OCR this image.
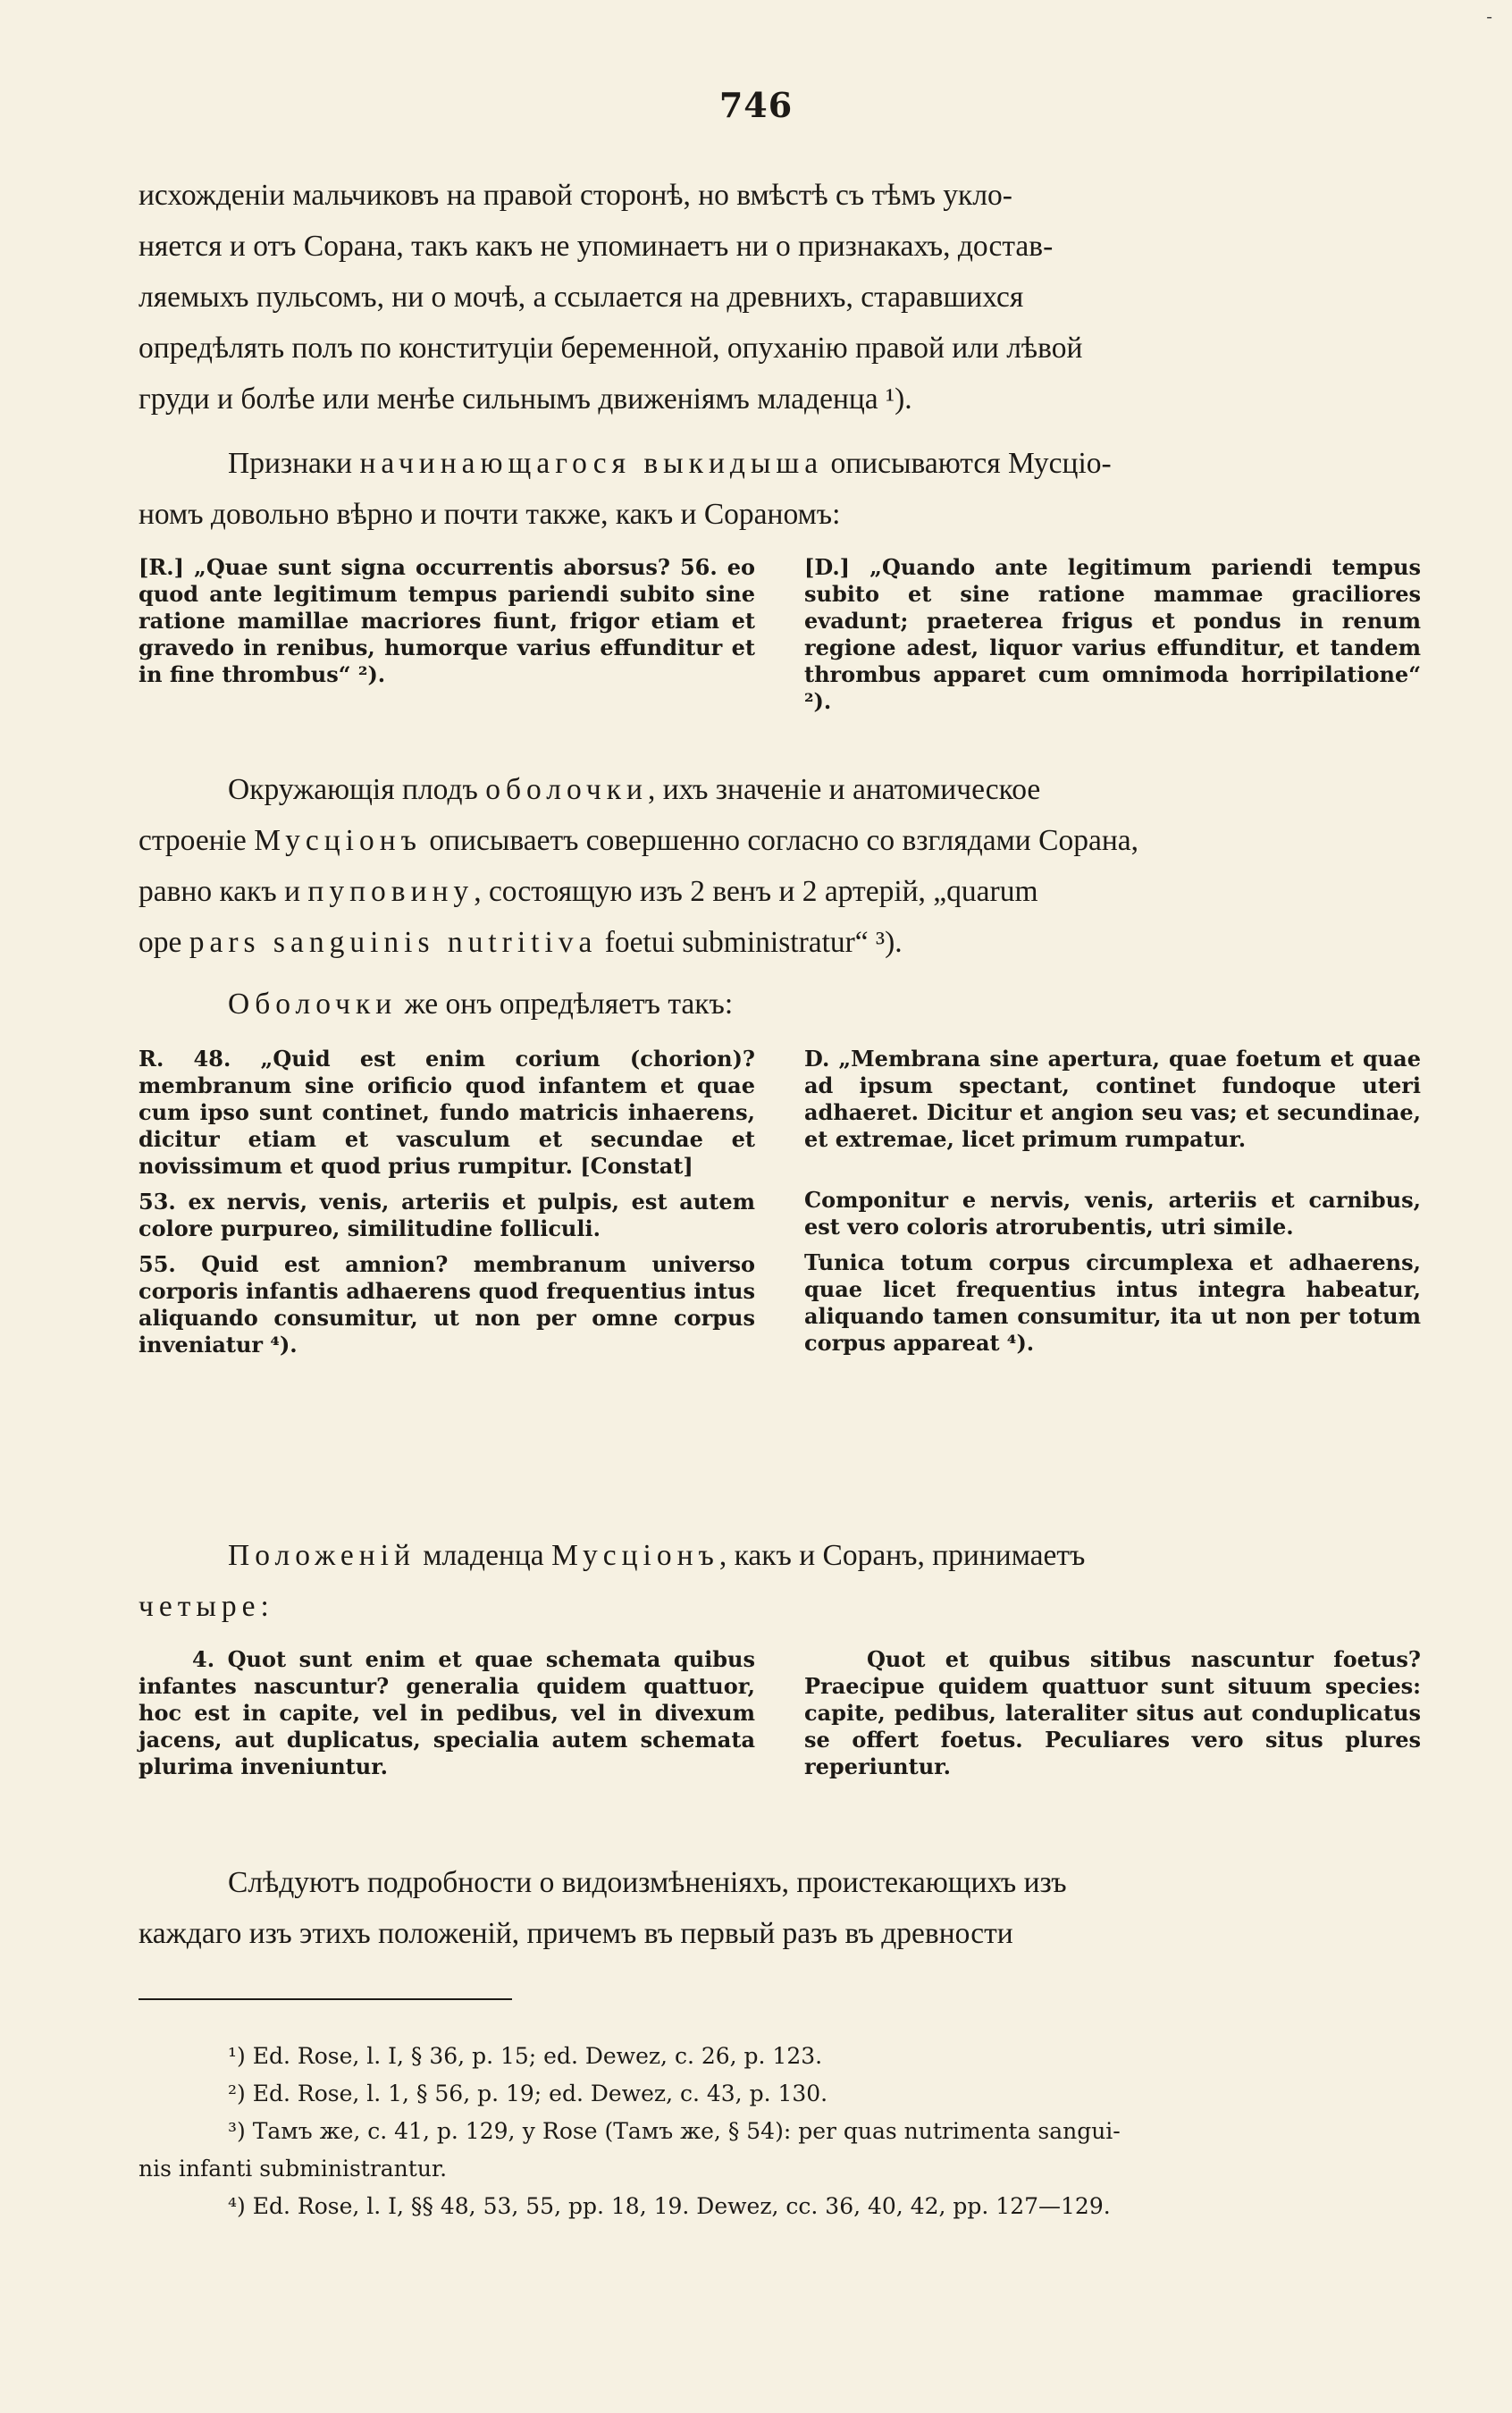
-
746

исхожденіи мальчиковъ на правой сторонѣ, но вмѣстѣ съ тѣмъ укло-

няется и отъ Сорана, такъ какъ не упоминаетъ ни о признакахъ, достав-

ляемыхъ пульсомъ, ни о мочѣ, а ссылается на древнихъ, старавшихся

опредѣлять полъ по конституціи беременной, опуханію правой или лѣвой

груди и болѣе или менѣе сильнымъ движеніямъ младенца ¹).

Признаки начинающагося выкидыша описываются Мусціо-

номъ довольно вѣрно и почти также, какъ и Сораномъ:

[R.] „Quae sunt signa occurrentis aborsus? 56. eo quod ante legitimum tempus pariendi subito sine ratione mamillae macriores fiunt, frigor etiam et gravedo in renibus, humorque varius effunditur et in fine thrombus“ ²).

[D.] „Quando ante legitimum pariendi tempus subito et sine ratione mammae graciliores evadunt; praeterea frigus et pondus in renum regione adest, liquor varius effunditur, et tandem thrombus apparet cum omnimoda horripilatione“ ²).

Окружающія плодъ оболочки, ихъ значеніе и анатомическое

строеніе Мусціонъ описываетъ совершенно согласно со взглядами Сорана,

равно какъ и пуповину, состоящую изъ 2 венъ и 2 артерій, „quarum

ope pars sanguinis nutritiva foetui subministratur“ ³).

Оболочки же онъ опредѣляетъ такъ:

R. 48. „Quid est enim corium (chorion)? membranum sine orificio quod infantem et quae cum ipso sunt continet, fundo matricis inhaerens, dicitur etiam et vasculum et secundae et novissimum et quod prius rumpitur. [Constat]

53. ex nervis, venis, arteriis et pulpis, est autem colore purpureo, similitudine folliculi.

55. Quid est amnion? membranum universo corporis infantis adhaerens quod frequentius intus aliquando consumitur, ut non per omne corpus inveniatur ⁴).

D. „Membrana sine apertura, quae foetum et quae ad ipsum spectant, continet fundoque uteri adhaeret. Dicitur et angion seu vas; et secundinae, et extremae, licet primum rumpatur.

Componitur e nervis, venis, arteriis et carnibus, est vero coloris atrorubentis, utri simile.

Tunica totum corpus circumplexa et adhaerens, quae licet frequentius intus integra habeatur, aliquando tamen consumitur, ita ut non per totum corpus appareat ⁴).

Положеній младенца Мусціонъ, какъ и Соранъ, принимаетъ

четыре:

4. Quot sunt enim et quae schemata quibus infantes nascuntur? generalia quidem quattuor, hoc est in capite, vel in pedibus, vel in divexum jacens, aut duplicatus, specialia autem schemata plurima inveniuntur.

Quot et quibus sitibus nascuntur foetus? Praecipue quidem quattuor sunt situum species: capite, pedibus, lateraliter situs aut conduplicatus se offert foetus. Peculiares vero situs plures reperiuntur.

Слѣдуютъ подробности о видоизмѣненіяхъ, проистекающихъ изъ

каждаго изъ этихъ положеній, причемъ въ первый разъ въ древности

¹) Ed. Rose, l. I, § 36, p. 15; ed. Dewez, c. 26, p. 123.

²) Ed. Rose, l. 1, § 56, p. 19; ed. Dewez, c. 43, p. 130.

³) Тамъ же, c. 41, p. 129, у Rose (Тамъ же, § 54): per quas nutrimenta sangui-

nis infanti subministrantur.

⁴) Ed. Rose, l. I, §§ 48, 53, 55, pp. 18, 19. Dewez, cc. 36, 40, 42, pp. 127—129.
